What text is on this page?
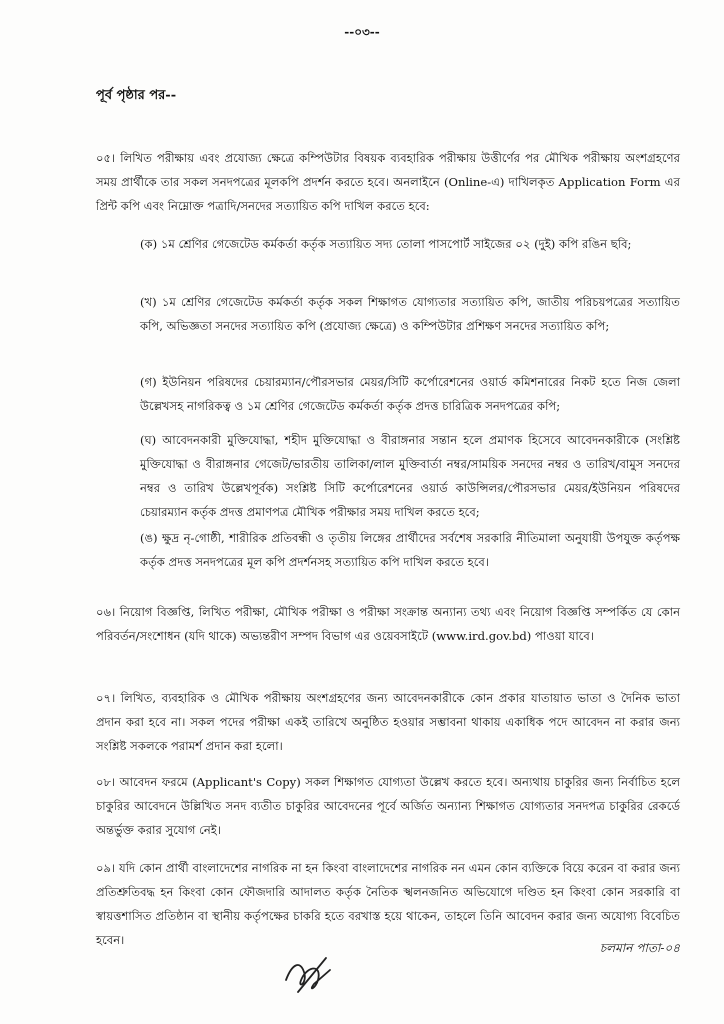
--০৩--
পূর্ব পৃষ্ঠার পর--

০৫। লিখিত পরীক্ষায় এবং প্রযোজ্য ক্ষেত্রে কম্পিউটার বিষয়ক ব্যবহারিক পরীক্ষায় উত্তীর্ণের পর মৌখিক পরীক্ষায় অংশগ্রহণের সময় প্রার্থীকে তার সকল সনদপত্রের মূলকপি প্রদর্শন করতে হবে। অনলাইনে (Online-এ) দাখিলকৃত Application Form এর প্রিন্ট কপি এবং নিম্নোক্ত পত্রাদি/সনদের সত্যায়িত কপি দাখিল করতে হবে:

(ক) ১ম শ্রেণির গেজেটেড কর্মকর্তা কর্তৃক সত্যায়িত সদ্য তোলা পাসপোর্ট সাইজের ০২ (দুই) কপি রঙিন ছবি;

(খ) ১ম শ্রেণির গেজেটেড কর্মকর্তা কর্তৃক সকল শিক্ষাগত যোগ্যতার সত্যায়িত কপি, জাতীয় পরিচয়পত্রের সত্যায়িত কপি, অভিজ্ঞতা সনদের সত্যায়িত কপি (প্রযোজ্য ক্ষেত্রে) ও কম্পিউটার প্রশিক্ষণ সনদের সত্যায়িত কপি;

(গ) ইউনিয়ন পরিষদের চেয়ারম্যান/পৌরসভার মেয়র/সিটি কর্পোরেশনের ওয়ার্ড কমিশনারের নিকট হতে নিজ জেলা উল্লেখসহ নাগরিকত্ব ও ১ম শ্রেণির গেজেটেড কর্মকর্তা কর্তৃক প্রদত্ত চারিত্রিক সনদপত্রের কপি;

(ঘ) আবেদনকারী মুক্তিযোদ্ধা, শহীদ মুক্তিযোদ্ধা ও বীরাঙ্গনার সন্তান হলে প্রমাণক হিসেবে আবেদনকারীকে (সংশ্লিষ্ট মুক্তিযোদ্ধা ও বীরাঙ্গনার গেজেট/ভারতীয় তালিকা/লাল মুক্তিবার্তা নম্বর/সাময়িক সনদের নম্বর ও তারিখ/বামুস সনদের নম্বর ও তারিখ উল্লেখপূর্বক) সংশ্লিষ্ট সিটি কর্পোরেশনের ওয়ার্ড কাউন্সিলর/পৌরসভার মেয়র/ইউনিয়ন পরিষদের চেয়ারম্যান কর্তৃক প্রদত্ত প্রমাণপত্র মৌখিক পরীক্ষার সময় দাখিল করতে হবে;

(ঙ) ক্ষুদ্র নৃ-গোষ্ঠী, শারীরিক প্রতিবন্ধী ও তৃতীয় লিঙ্গের প্রার্থীদের সর্বশেষ সরকারি নীতিমালা অনুযায়ী উপযুক্ত কর্তৃপক্ষ কর্তৃক প্রদত্ত সনদপত্রের মূল কপি প্রদর্শনসহ সত্যায়িত কপি দাখিল করতে হবে।

০৬। নিয়োগ বিজ্ঞপ্তি, লিখিত পরীক্ষা, মৌখিক পরীক্ষা ও পরীক্ষা সংক্রান্ত অন্যান্য তথ্য এবং নিয়োগ বিজ্ঞপ্তি সম্পর্কিত যে কোন পরিবর্তন/সংশোধন (যদি থাকে) অভ্যন্তরীণ সম্পদ বিভাগ এর ওয়েবসাইটে (www.ird.gov.bd) পাওয়া যাবে।

০৭। লিখিত, ব্যবহারিক ও মৌখিক পরীক্ষায় অংশগ্রহণের জন্য আবেদনকারীকে কোন প্রকার যাতায়াত ভাতা ও দৈনিক ভাতা প্রদান করা হবে না। সকল পদের পরীক্ষা একই তারিখে অনুষ্ঠিত হওয়ার সম্ভাবনা থাকায় একাধিক পদে আবেদন না করার জন্য সংশ্লিষ্ট সকলকে পরামর্শ প্রদান করা হলো।

০৮। আবেদন ফরমে (Applicant's Copy) সকল শিক্ষাগত যোগ্যতা উল্লেখ করতে হবে। অন্যথায় চাকুরির জন্য নির্বাচিত হলে চাকুরির আবেদনে উল্লিখিত সনদ ব্যতীত চাকুরির আবেদনের পূর্বে অর্জিত অন্যান্য শিক্ষাগত যোগ্যতার সনদপত্র চাকুরির রেকর্ডে অন্তর্ভুক্ত করার সুযোগ নেই।

০৯। যদি কোন প্রার্থী বাংলাদেশের নাগরিক না হন কিংবা বাংলাদেশের নাগরিক নন এমন কোন ব্যক্তিকে বিয়ে করেন বা করার জন্য প্রতিশ্রুতিবদ্ধ হন কিংবা কোন ফৌজদারি আদালত কর্তৃক নৈতিক স্খলনজনিত অভিযোগে দণ্ডিত হন কিংবা কোন সরকারি বা স্বায়ত্তশাসিত প্রতিষ্ঠান বা স্থানীয় কর্তৃপক্ষের চাকরি হতে বরখাস্ত হয়ে থাকেন, তাহলে তিনি আবেদন করার জন্য অযোগ্য বিবেচিত হবেন।

চলমান পাতা-০৪
